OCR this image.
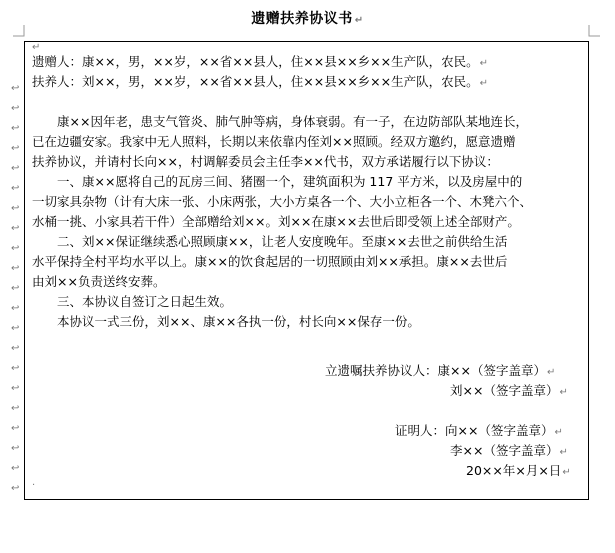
遗赠扶养协议书 ↵
↵
.
↩
↩
↩
↩
↩
↩
↩
↩
↩
↩
↩
↩
↩
↩
↩
↩
↩
↩
↩
↩
↩
遗赠人：康××，男，××岁，××省××县人，住××县××乡××生产队，农民。↵
扶养人：刘××，男，××岁，××省××县人，住××县××乡××生产队，农民。↵
康××因年老，患支气管炎、肺气肿等病，身体衰弱。有一子，在边防部队某地连长，
已在边疆安家。我家中无人照料，长期以来依靠内侄刘××照顾。经双方邀约，愿意遗赠
扶养协议，并请村长向××，村调解委员会主任李××代书，双方承诺履行以下协议：
一、康××愿将自己的瓦房三间、猪圈一个，建筑面积为 117 平方米，以及房屋中的
一切家具杂物（计有大床一张、小床两张，大小方桌各一个、大小立柜各一个、木凳六个、
水桶一挑、小家具若干件）全部赠给刘××。刘××在康××去世后即受领上述全部财产。
二、刘××保证继续悉心照顾康××，让老人安度晚年。至康××去世之前供给生活
水平保持全村平均水平以上。康××的饮食起居的一切照顾由刘××承担。康××去世后
由刘××负责送终安葬。
三、本协议自签订之日起生效。
本协议一式三份，刘××、康××各执一份，村长向××保存一份。
立遗嘱扶养协议人：康××（签字盖章）↵
刘××（签字盖章）↵
证明人：向××（签字盖章）↵
李××（签字盖章）↵
20××年×月×日↵
